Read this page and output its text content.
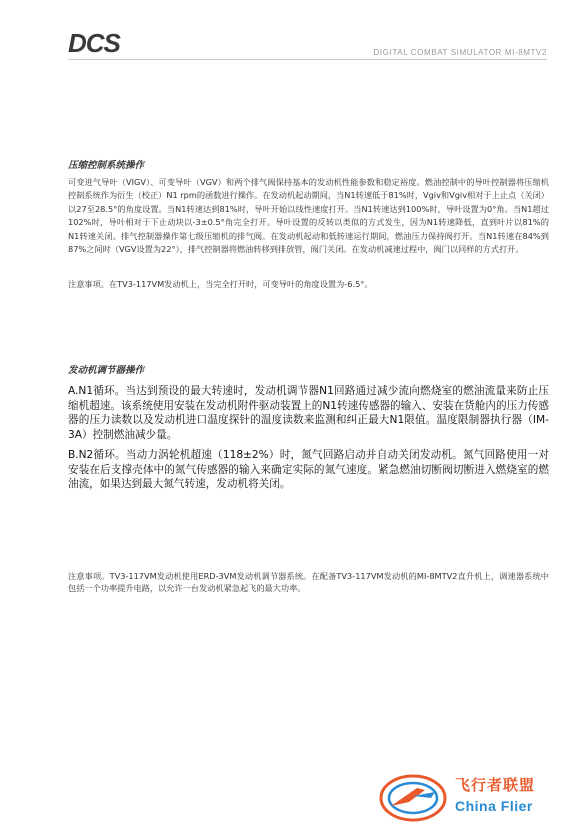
DCS	DIGITAL COMBAT SIMULATOR MI-8MTV2
压缩控制系统操作
可变进气导叶（VIGV）、可变导叶（VGV）和两个排气阀保持基本的发动机性能参数和稳定裕度。燃油控制中的导叶控制器将压缩机控制系统作为衍生（校正）N1 rpm的函数进行操作。在发动机起动期间，当N1转速低于81%时，Vgiv和Vgiv相对于上止点（关闭）以27至28.5°的角度设置。当N1转速达到81%时，导叶开始以线性速度打开。当N1转速达到100%时，导叶设置为0°角。当N1超过102%时，导叶相对于下止动块以-3±0.5°角完全打开。导叶设置的反转以类似的方式发生，因为N1转速降低，直到叶片以81%的N1转速关闭。排气控制器操作第七级压缩机的排气阀。在发动机起动和低转速运行期间，燃油压力保持阀打开。当N1转速在84%到87%之间时（VGV设置为22°），排气控制器将燃油转移到排放管，阀门关闭。在发动机减速过程中，阀门以同样的方式打开。
注意事项。在TV3-117VM发动机上，当完全打开时，可变导叶的角度设置为-6.5°。
发动机调节器操作
A.N1循环。当达到预设的最大转速时，发动机调节器N1回路通过减少流向燃烧室的燃油流量来防止压缩机超速。该系统使用安装在发动机附件驱动装置上的N1转速传感器的输入、安装在货舱内的压力传感器的压力读数以及发动机进口温度探针的温度读数来监测和纠正最大N1限值。温度限制器执行器（IM-3A）控制燃油减少量。
B.N2循环。当动力涡轮机超速（118±2%）时，氮气回路启动并自动关闭发动机。氮气回路使用一对安装在后支撑壳体中的氮气传感器的输入来确定实际的氮气速度。紧急燃油切断阀切断进入燃烧室的燃油流，如果达到最大氮气转速，发动机将关闭。
注意事项。TV3-117VM发动机使用ERD-3VM发动机调节器系统。在配备TV3-117VM发动机的MI-8MTV2直升机上，调速器系统中包括一个功率提升电路，以允许一台发动机紧急起飞的最大功率。
飞行者联盟
China Flier
